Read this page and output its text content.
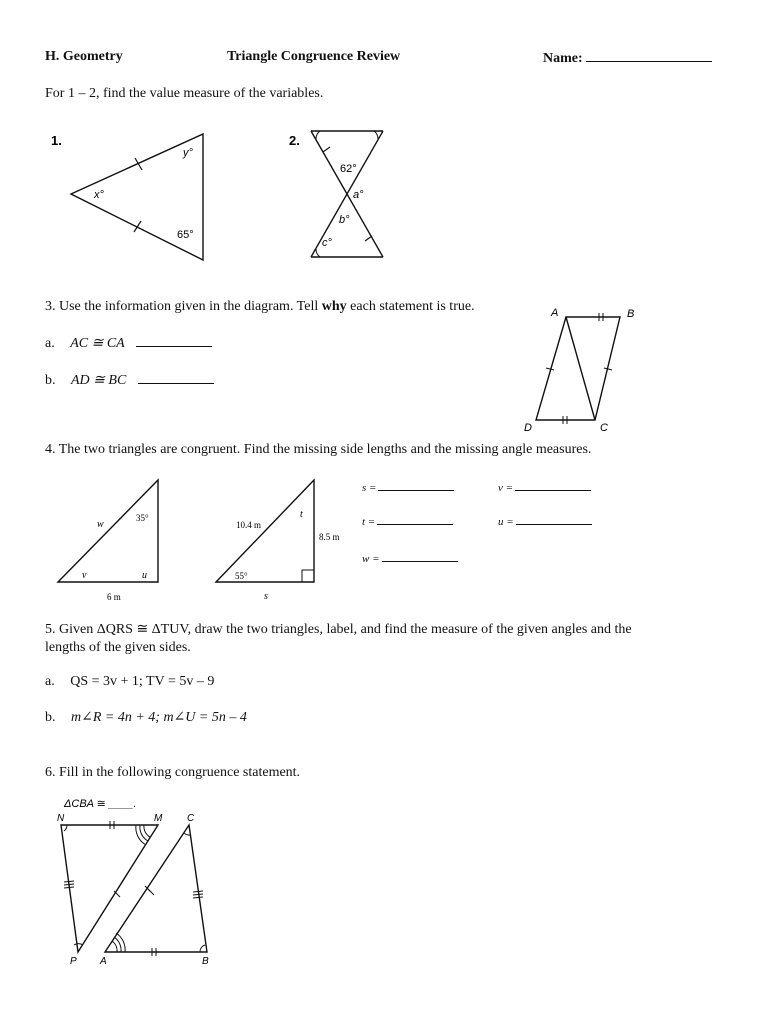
H. Geometry	Triangle Congruence Review	Name:
For 1 – 2, find the value measure of the variables.
1.
x°
y°
65°
2.
62°
a°
b°
c°
3. Use the information given in the diagram. Tell why each statement is true.
a. AC ≅ CA
b. AD ≅ BC
A	B
C
D
4. The two triangles are congruent. Find the missing side lengths and the missing angle measures.
w
35°
v	u
6 m
10.4 m
t
8.5 m
55°
s
s =	v =
t =	u =
w =
5. Given ΔQRS ≅ ΔTUV, draw the two triangles, label, and find the measure of the given angles and the
lengths of the given sides.
a. QS = 3v + 1; TV = 5v – 9
b. m∠R = 4n + 4; m∠U = 5n – 4
6. Fill in the following congruence statement.
ΔCBA ≅ ____.
N	M C
P A	B
